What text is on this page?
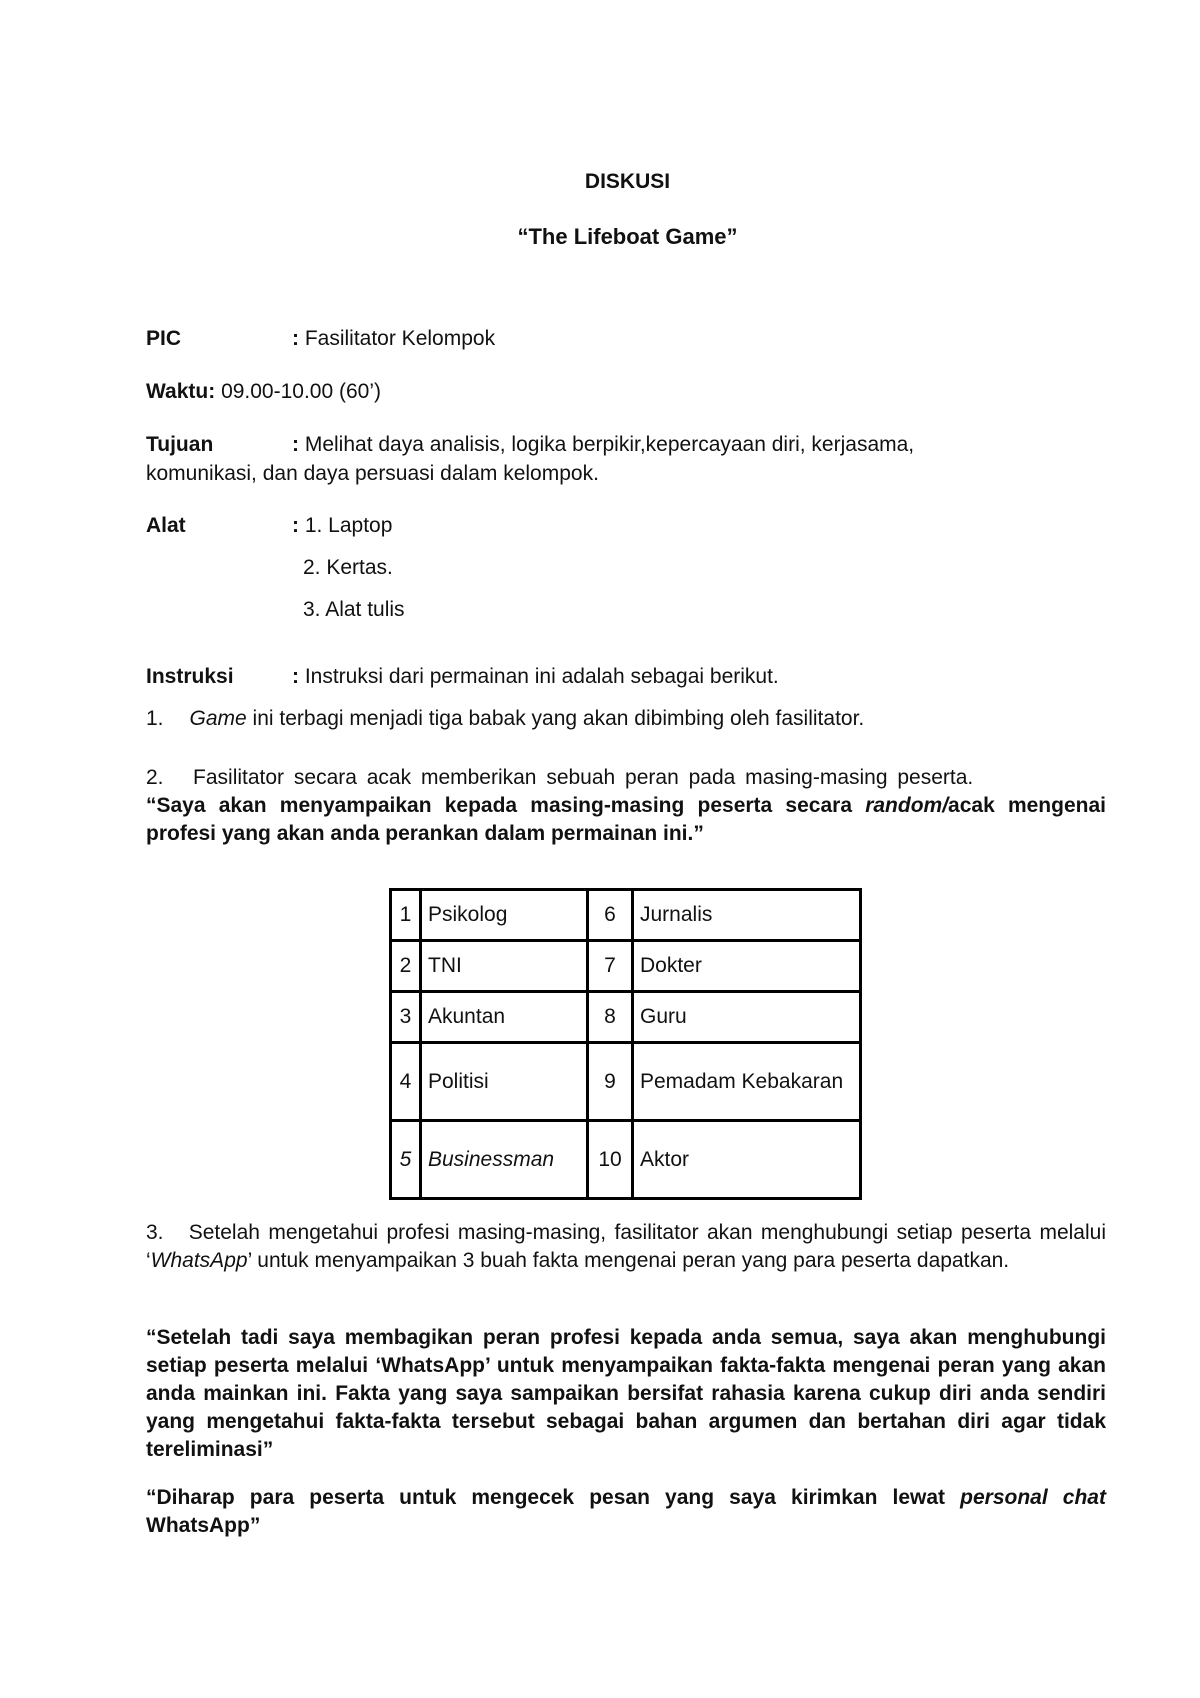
DISKUSI
“The Lifeboat Game”
PIC	: Fasilitator Kelompok
Waktu: 09.00-10.00 (60’)
Tujuan	: Melihat daya analisis, logika berpikir,kepercayaan diri, kerjasama,
komunikasi, dan daya persuasi dalam kelompok.
Alat	: 1. Laptop
2. Kertas.
3. Alat tulis
Instruksi	: Instruksi dari permainan ini adalah sebagai berikut.
1. Game ini terbagi menjadi tiga babak yang akan dibimbing oleh fasilitator.
2. Fasilitator secara acak memberikan sebuah peran pada masing-masing peserta.
“Saya akan menyampaikan kepada masing-masing peserta secara random/acak mengenai profesi yang akan anda perankan dalam permainan ini.”
1	Psikolog	6	Jurnalis
2	TNI	7	Dokter
3	Akuntan	8	Guru
4	Politisi	9	Pemadam Kebakaran
5	Businessman	10	Aktor
3. Setelah mengetahui profesi masing-masing, fasilitator akan menghubungi setiap peserta melalui ‘WhatsApp’ untuk menyampaikan 3 buah fakta mengenai peran yang para peserta dapatkan.
“Setelah tadi saya membagikan peran profesi kepada anda semua, saya akan menghubungi setiap peserta melalui ‘WhatsApp’ untuk menyampaikan fakta-fakta mengenai peran yang akan anda mainkan ini. Fakta yang saya sampaikan bersifat rahasia karena cukup diri anda sendiri yang mengetahui fakta-fakta tersebut sebagai bahan argumen dan bertahan diri agar tidak tereliminasi”
“Diharap para peserta untuk mengecek pesan yang saya kirimkan lewat personal chat WhatsApp”
